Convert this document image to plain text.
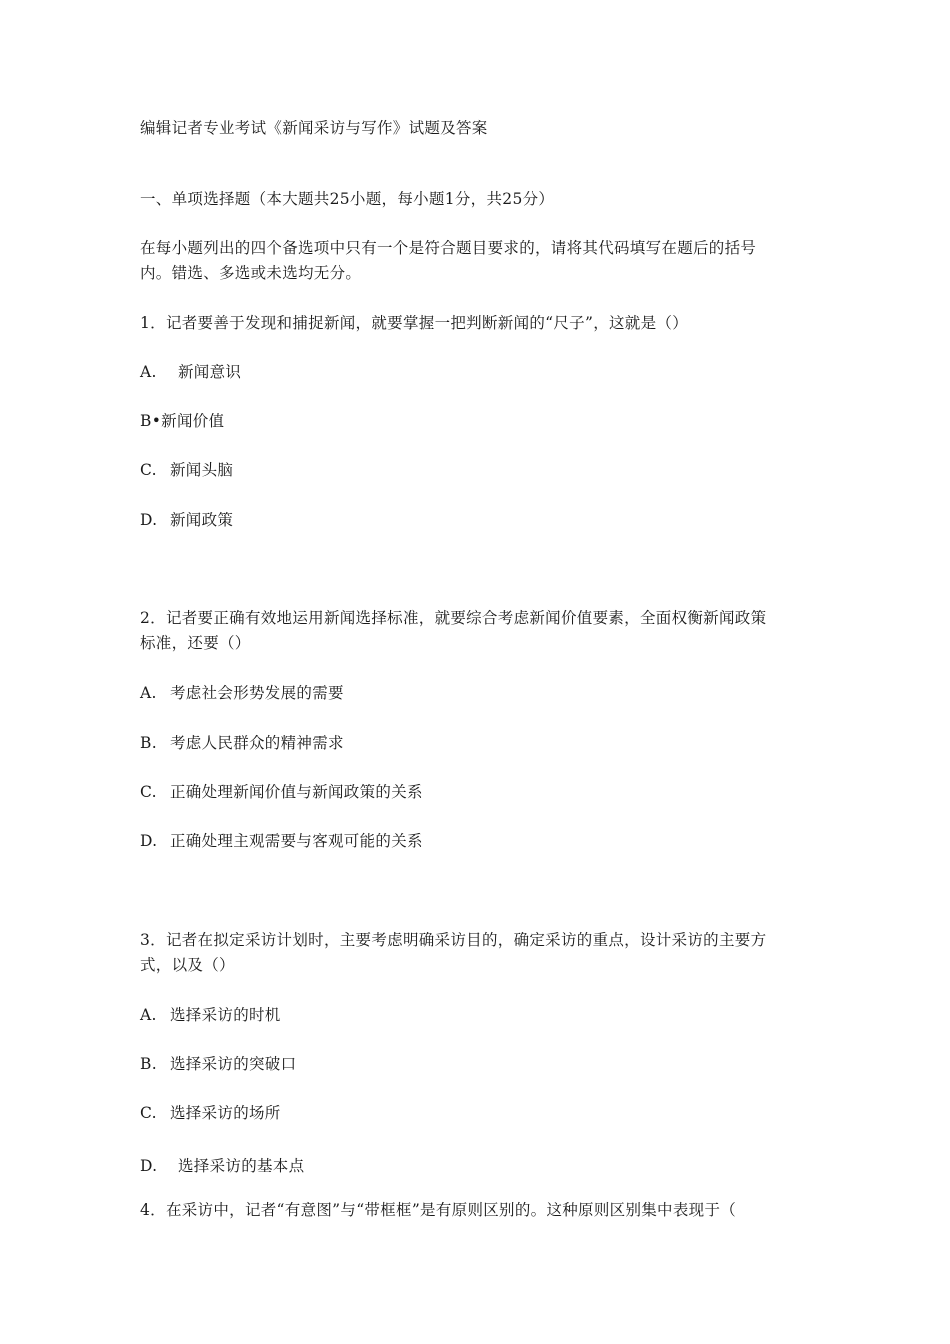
编辑记者专业考试《新闻采访与写作》试题及答案
一、单项选择题（本大题共25小题，每小题1分，共25分）
在每小题列出的四个备选项中只有一个是符合题目要求的，请将其代码填写在题后的括号
内。错选、多选或未选均无分。
1．记者要善于发现和捕捉新闻，就要掌握一把判断新闻的“尺子”，这就是（）
A. 新闻意识
B•新闻价值
C. 新闻头脑
D. 新闻政策
2．记者要正确有效地运用新闻选择标准，就要综合考虑新闻价值要素，全面权衡新闻政策
标准，还要（）
A. 考虑社会形势发展的需要
B. 考虑人民群众的精神需求
C. 正确处理新闻价值与新闻政策的关系
D. 正确处理主观需要与客观可能的关系
3．记者在拟定采访计划时，主要考虑明确采访目的，确定采访的重点，设计采访的主要方
式，以及（）
A. 选择采访的时机
B. 选择采访的突破口
C. 选择采访的场所
D. 选择采访的基本点
4．在采访中，记者“有意图”与“带框框”是有原则区别的。这种原则区别集中表现于（
